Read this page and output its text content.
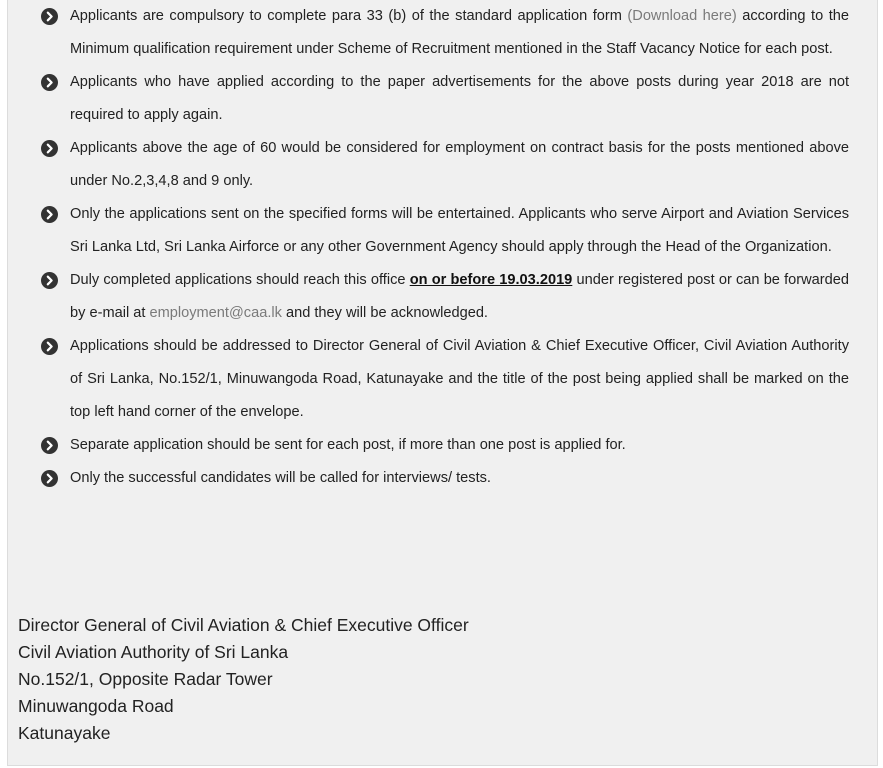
Applicants are compulsory to complete para 33 (b) of the standard application form (Download here) according to the Minimum qualification requirement under Scheme of Recruitment mentioned in the Staff Vacancy Notice for each post.
Applicants who have applied according to the paper advertisements for the above posts during year 2018 are not required to apply again.
Applicants above the age of 60 would be considered for employment on contract basis for the posts mentioned above under No.2,3,4,8 and 9 only.
Only the applications sent on the specified forms will be entertained. Applicants who serve Airport and Aviation Services Sri Lanka Ltd, Sri Lanka Airforce or any other Government Agency should apply through the Head of the Organization.
Duly completed applications should reach this office on or before 19.03.2019 under registered post or can be forwarded by e-mail at employment@caa.lk and they will be acknowledged.
Applications should be addressed to Director General of Civil Aviation & Chief Executive Officer, Civil Aviation Authority of Sri Lanka, No.152/1, Minuwangoda Road, Katunayake and the title of the post being applied shall be marked on the top left hand corner of the envelope.
Separate application should be sent for each post, if more than one post is applied for.
Only the successful candidates will be called for interviews/ tests.
Director General of Civil Aviation & Chief Executive Officer
Civil Aviation Authority of Sri Lanka
No.152/1, Opposite Radar Tower
Minuwangoda Road
Katunayake
